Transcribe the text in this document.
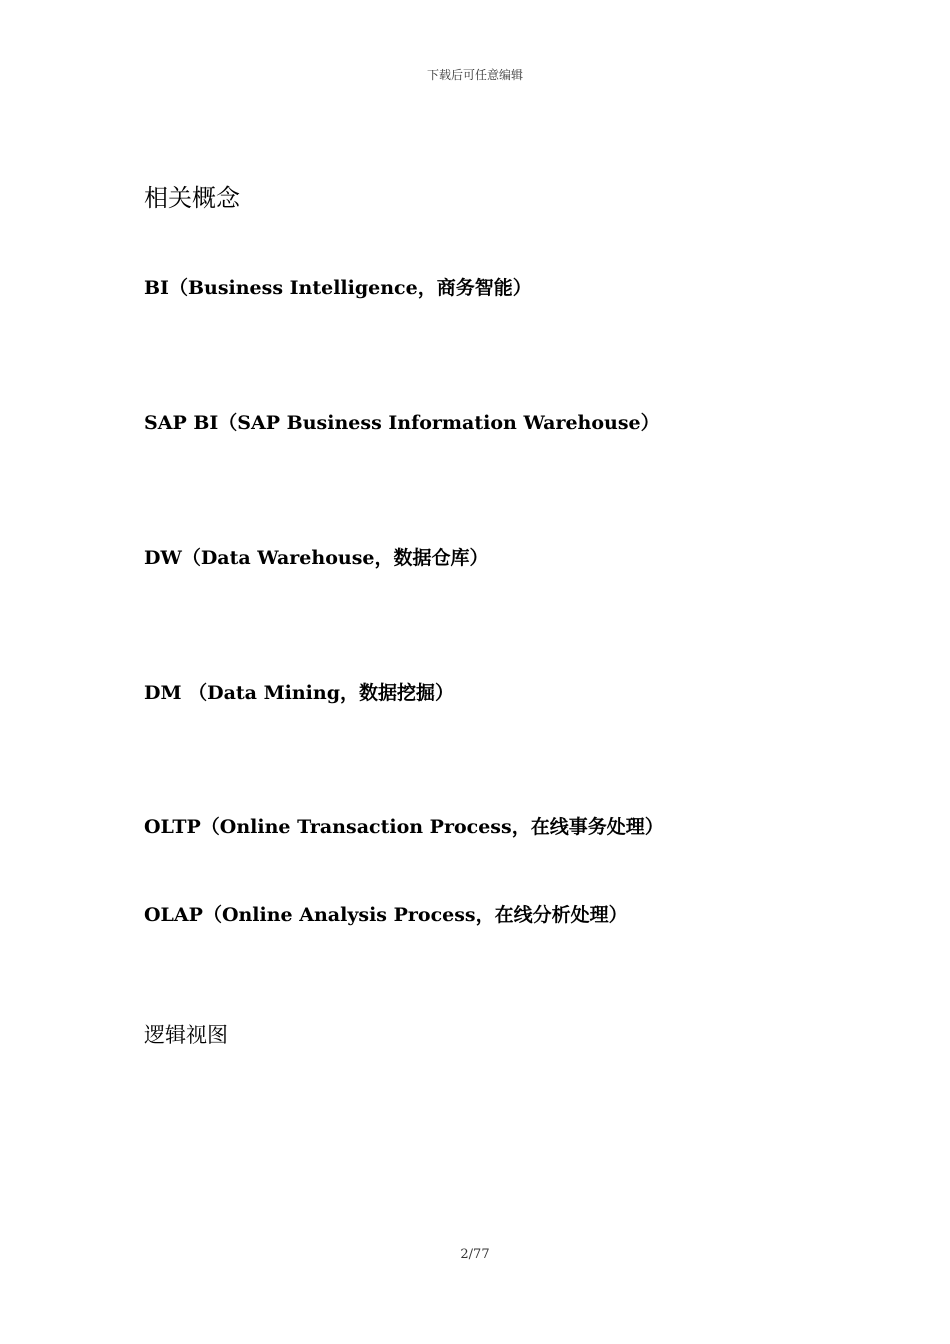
下载后可任意编辑
相关概念
BI（Business Intelligence，商务智能）
SAP BI（SAP Business Information Warehouse）
DW（Data Warehouse，数据仓库）
DM （Data Mining，数据挖掘）
OLTP（Online Transaction Process，在线事务处理）
OLAP（Online Analysis Process，在线分析处理）
逻辑视图
2/77
